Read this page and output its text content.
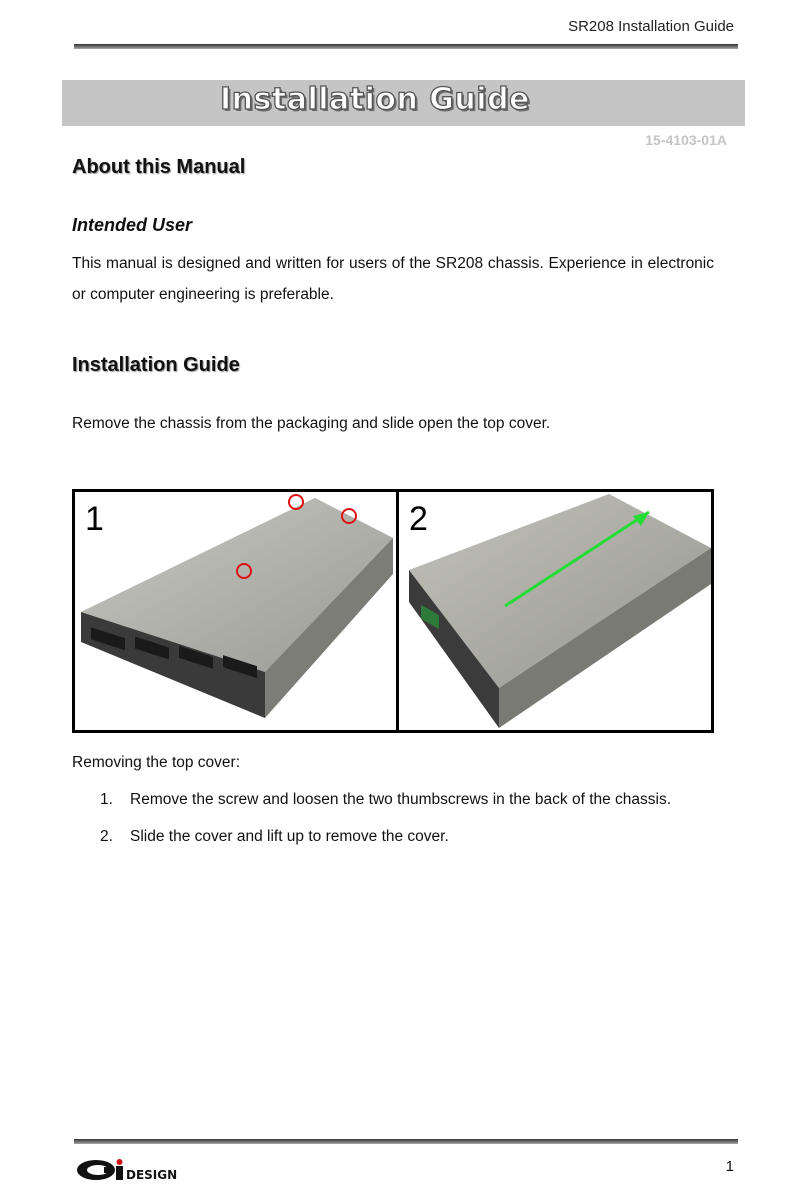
SR208 Installation Guide
Installation Guide
15-4103-01A
About this Manual
Intended User
This manual is designed and written for users of the SR208 chassis. Experience in electronic or computer engineering is preferable.
Installation Guide
Remove the chassis from the packaging and slide open the top cover.
1	2
Removing the top cover:
1. Remove the screw and loosen the two thumbscrews in the back of the chassis.
2. Slide the cover and lift up to remove the cover.
DESIGN	1
